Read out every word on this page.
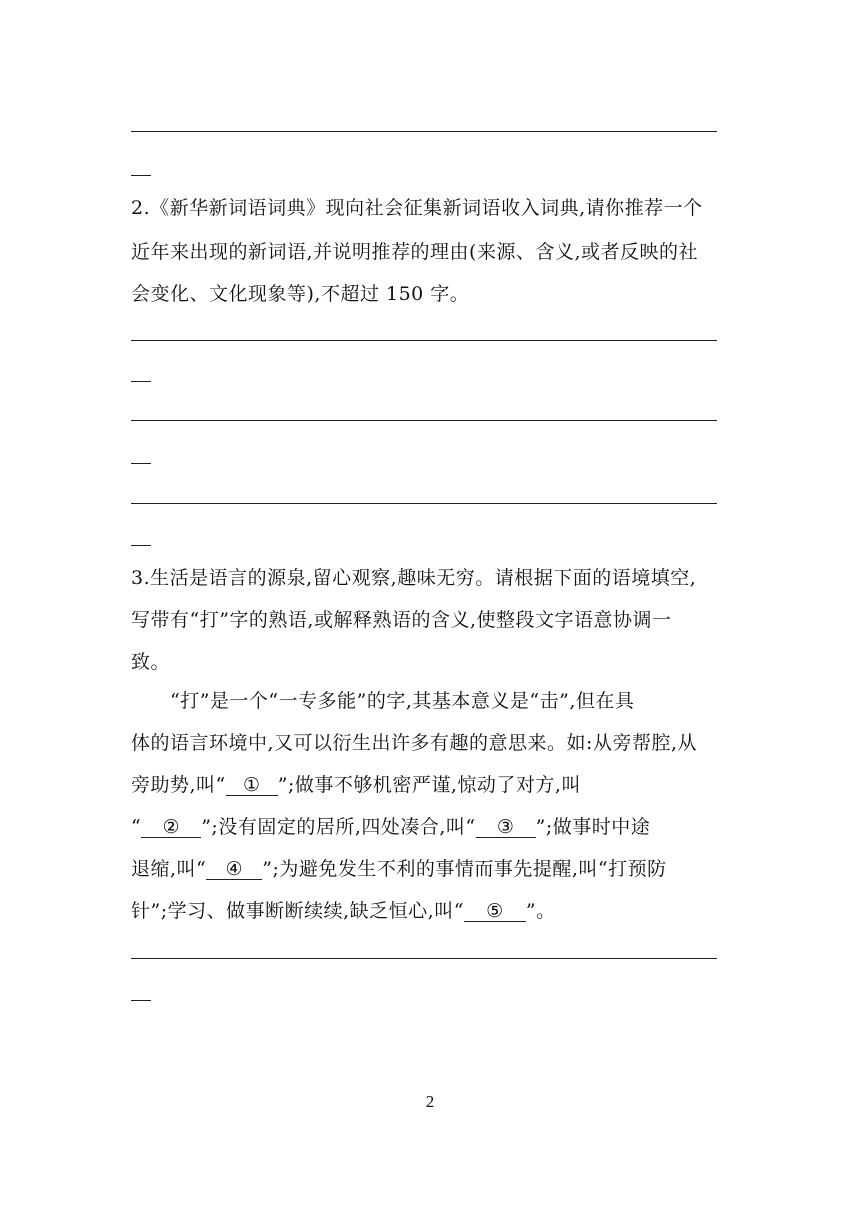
2.《新华新词语词典》现向社会征集新词语收入词典,请你推荐一个
近年来出现的新词语,并说明推荐的理由(来源、含义,或者反映的社
会变化、文化现象等),不超过 150 字。
3.生活是语言的源泉,留心观察,趣味无穷。请根据下面的语境填空,
写带有“打”字的熟语,或解释熟语的含义,使整段文字语意协调一
致。
“打”是一个“一专多能”的字,其基本意义是“击”,但在具
体的语言环境中,又可以衍生出许多有趣的意思来。如:从旁帮腔,从
旁助势,叫“ ① ”;做事不够机密严谨,惊动了对方,叫
“ ② ”;没有固定的居所,四处凑合,叫“ ③ ”;做事时中途
退缩,叫“ ④ ”;为避免发生不利的事情而事先提醒,叫“打预防
针”;学习、做事断断续续,缺乏恒心,叫“ ⑤ ”。
2
